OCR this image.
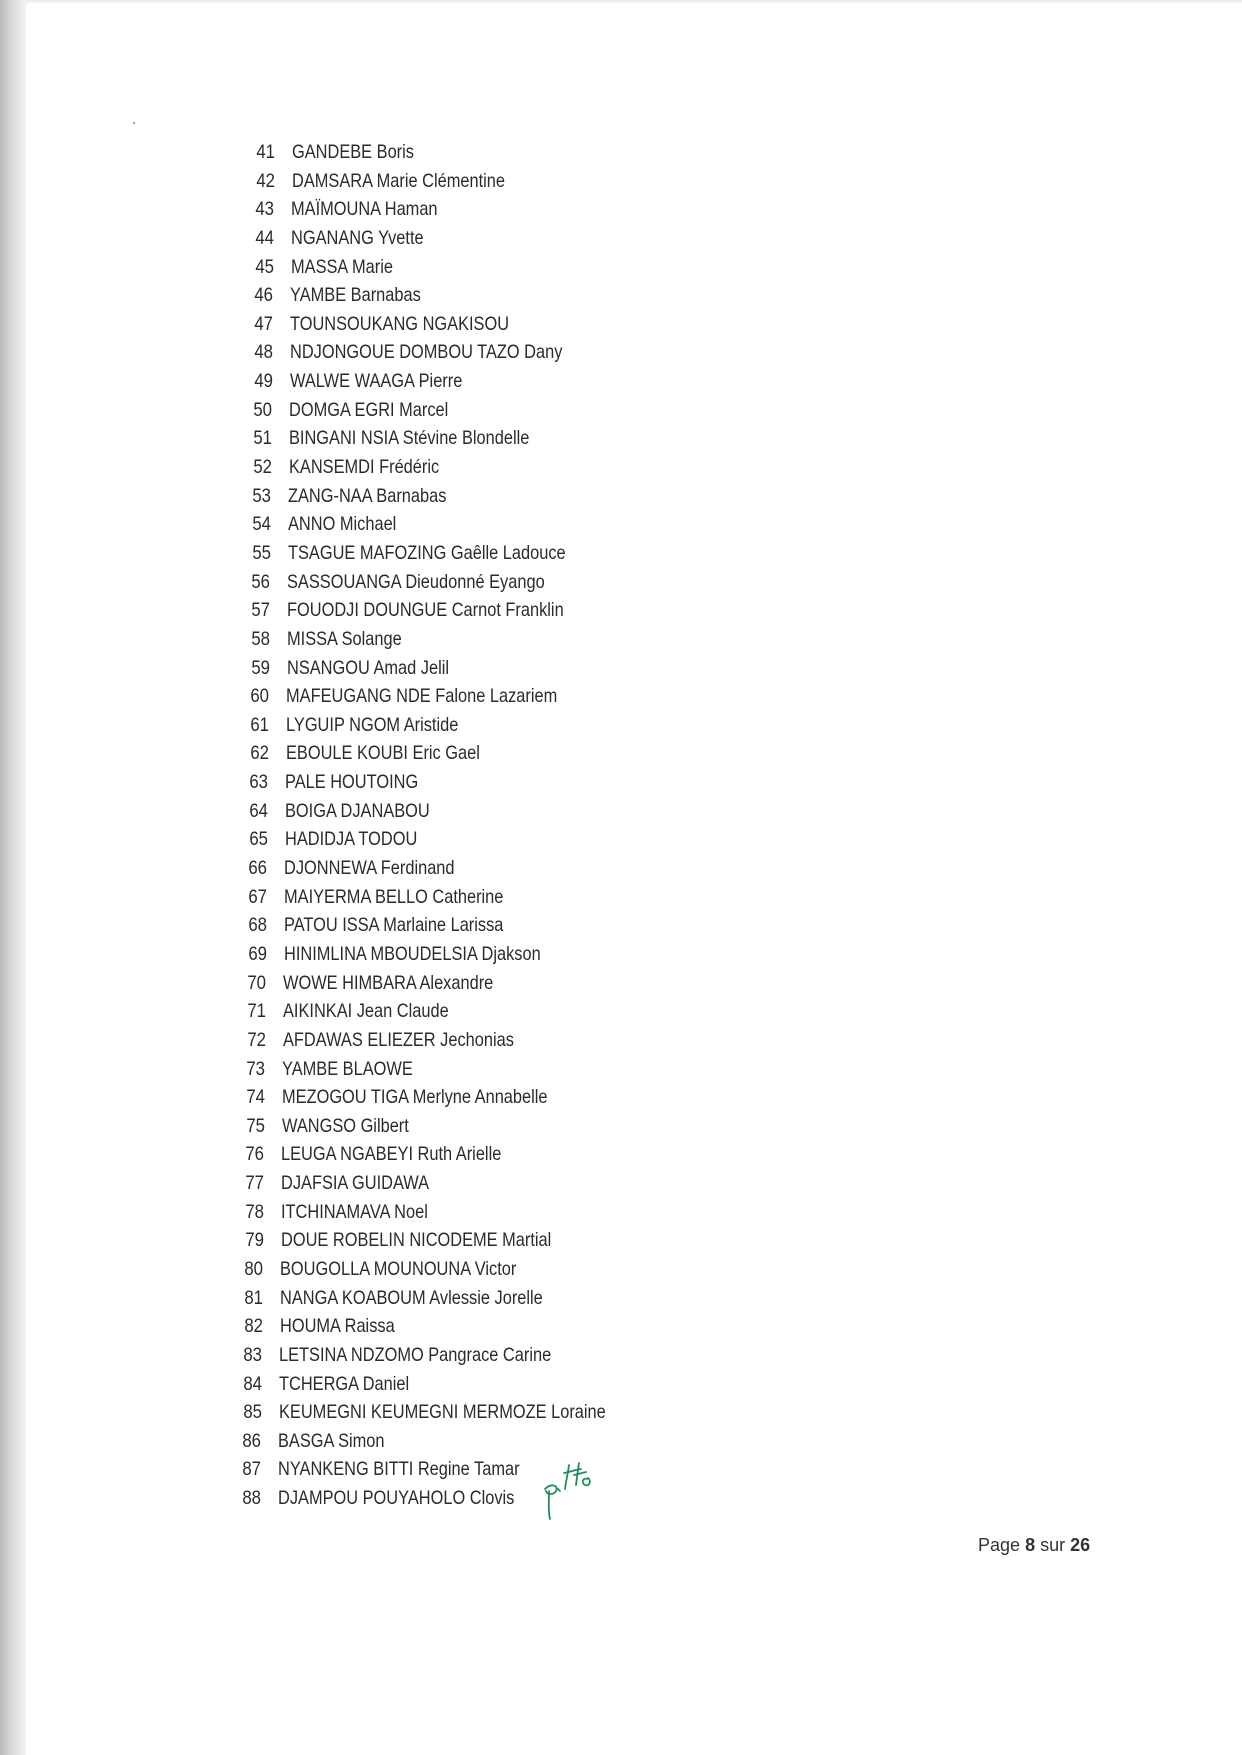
41 GANDEBE Boris
42 DAMSARA Marie Clémentine
43 MAÏMOUNA Haman
44 NGANANG Yvette
45 MASSA Marie
46 YAMBE Barnabas
47 TOUNSOUKANG NGAKISOU
48 NDJONGOUE DOMBOU TAZO Dany
49 WALWE WAAGA Pierre
50 DOMGA EGRI Marcel
51 BINGANI NSIA Stévine Blondelle
52 KANSEMDI Frédéric
53 ZANG-NAA Barnabas
54 ANNO Michael
55 TSAGUE MAFOZING Gaêlle Ladouce
56 SASSOUANGA Dieudonné Eyango
57 FOUODJI DOUNGUE Carnot Franklin
58 MISSA Solange
59 NSANGOU Amad Jelil
60 MAFEUGANG NDE Falone Lazariem
61 LYGUIP NGOM Aristide
62 EBOULE KOUBI Eric Gael
63 PALE HOUTOING
64 BOIGA DJANABOU
65 HADIDJA TODOU
66 DJONNEWA Ferdinand
67 MAIYERMA BELLO Catherine
68 PATOU ISSA Marlaine Larissa
69 HINIMLINA MBOUDELSIA Djakson
70 WOWE HIMBARA Alexandre
71 AIKINKAI Jean Claude
72 AFDAWAS ELIEZER Jechonias
73 YAMBE BLAOWE
74 MEZOGOU TIGA Merlyne Annabelle
75 WANGSO Gilbert
76 LEUGA NGABEYI Ruth Arielle
77 DJAFSIA GUIDAWA
78 ITCHINAMAVA Noel
79 DOUE ROBELIN NICODEME Martial
80 BOUGOLLA MOUNOUNA Victor
81 NANGA KOABOUM Avlessie Jorelle
82 HOUMA Raissa
83 LETSINA NDZOMO Pangrace Carine
84 TCHERGA Daniel
85 KEUMEGNI KEUMEGNI MERMOZE Loraine
86 BASGA Simon
87 NYANKENG BITTI Regine Tamar
88 DJAMPOU POUYAHOLO Clovis
Page 8 sur 26
